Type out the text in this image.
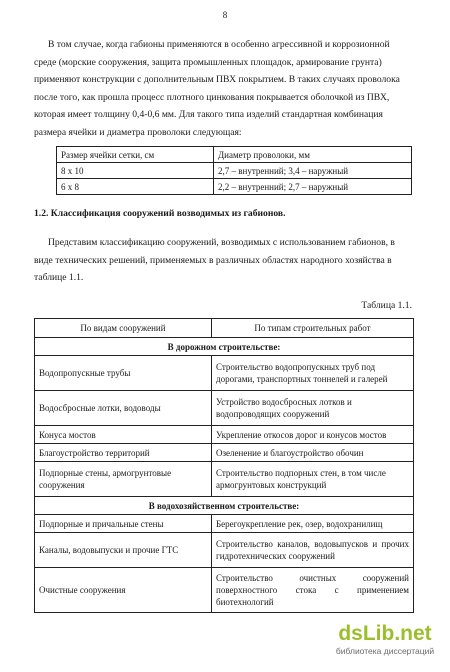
8
В том случае, когда габионы применяются в особенно агрессивной и коррозионной
среде (морские сооружения, защита промышленных площадок, армирование грунта)
применяют конструкции с дополнительным ПВХ покрытием. В таких случаях проволока
после того, как прошла процесс плотного цинкования покрывается оболочкой из ПВХ,
которая имеет толщину 0,4-0,6 мм. Для такого типа изделий стандартная комбинация
размера ячейки и диаметра проволоки следующая:
Размер ячейки сетки, см	Диаметр проволоки, мм
8 х 10	2,7 – внутренний; 3,4 – наружный
6 х 8	2,2 – внутренний; 2,7 – наружный
1.2. Классификация сооружений возводимых из габионов.
Представим классификацию сооружений, возводимых с использованием габионов, в
виде технических решений, применяемых в различных областях народного хозяйства в
таблице 1.1.
Таблица 1.1.
По видам сооружений	По типам строительных работ
В дорожном строительстве:	
Водопропускные трубы	Строительство водопропускных труб под дорогами, транспортных тоннелей и галерей
Водосбросные лотки, водоводы	Устройство водосбросных лотков и водопроводящих сооружений
Конуса мостов	Укрепление откосов дорог и конусов мостов
Благоустройство территорий	Озеленение и благоустройство обочин
Подпорные стены, армогрунтовые сооружения	Строительство подпорных стен, в том числе армогрунтовых конструкций
В водохозяйственном строительстве:	
Подпорные и причальные стены	Берегоукрепление рек, озер, водохранилищ
Каналы, водовыпуски и прочие ГТС	Строительство каналов, водовыпусков и прочих гидротехнических сооружений
Очистные сооружения	Строительство очистных сооружений поверхностного стока с применением биотехнологий
dsLib.net
библиотека диссертаций
